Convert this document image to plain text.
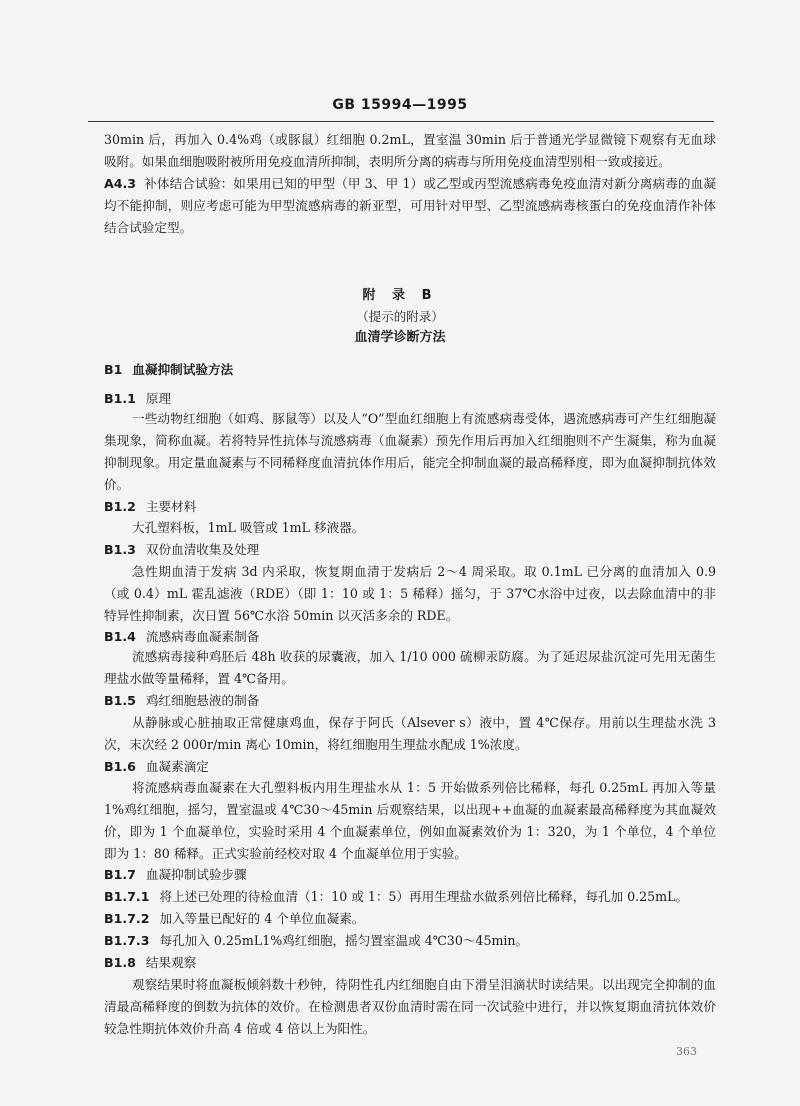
GB 15994—1995

30min 后，再加入 0.4%鸡（或豚鼠）红细胞 0.2mL，置室温 30min 后于普通光学显微镜下观察有无血球吸附。如果血细胞吸附被所用免疫血清所抑制，表明所分离的病毒与所用免疫血清型别相一致或接近。

A4.3 补体结合试验：如果用已知的甲型（甲 3、甲 1）或乙型或丙型流感病毒免疫血清对新分离病毒的血凝均不能抑制，则应考虑可能为甲型流感病毒的新亚型，可用针对甲型、乙型流感病毒核蛋白的免疫血清作补体结合试验定型。

附 录 B

（提示的附录）

血清学诊断方法

B1 血凝抑制试验方法

B1.1 原理

一些动物红细胞（如鸡、豚鼠等）以及人“O”型血红细胞上有流感病毒受体，遇流感病毒可产生红细胞凝集现象，简称血凝。若将特异性抗体与流感病毒（血凝素）预先作用后再加入红细胞则不产生凝集，称为血凝抑制现象。用定量血凝素与不同稀释度血清抗体作用后，能完全抑制血凝的最高稀释度，即为血凝抑制抗体效价。

B1.2 主要材料

大孔塑料板，1mL 吸管或 1mL 移液器。

B1.3 双份血清收集及处理

急性期血清于发病 3d 内采取，恢复期血清于发病后 2～4 周采取。取 0.1mL 已分离的血清加入 0.9（或 0.4）mL 霍乱滤液（RDE）（即 1：10 或 1：5 稀释）摇匀，于 37℃水浴中过夜，以去除血清中的非特异性抑制素，次日置 56℃水浴 50min 以灭活多余的 RDE。

B1.4 流感病毒血凝素制备

流感病毒接种鸡胚后 48h 收获的尿囊液，加入 1/10 000 硫柳汞防腐。为了延迟尿盐沉淀可先用无菌生理盐水做等量稀释，置 4℃备用。

B1.5 鸡红细胞悬液的制备

从静脉或心脏抽取正常健康鸡血，保存于阿氏（Alsever s）液中，置 4℃保存。用前以生理盐水洗 3 次，末次经 2 000r/min 离心 10min，将红细胞用生理盐水配成 1%浓度。

B1.6 血凝素滴定

将流感病毒血凝素在大孔塑料板内用生理盐水从 1：5 开始做系列倍比稀释，每孔 0.25mL 再加入等量 1%鸡红细胞，摇匀，置室温或 4℃30～45min 后观察结果，以出现++血凝的血凝素最高稀释度为其血凝效价，即为 1 个血凝单位，实验时采用 4 个血凝素单位，例如血凝素效价为 1：320，为 1 个单位，4 个单位即为 1：80 稀释。正式实验前经校对取 4 个血凝单位用于实验。

B1.7 血凝抑制试验步骤

B1.7.1 将上述已处理的待检血清（1：10 或 1：5）再用生理盐水做系列倍比稀释，每孔加 0.25mL。

B1.7.2 加入等量已配好的 4 个单位血凝素。

B1.7.3 每孔加入 0.25mL1%鸡红细胞，摇匀置室温或 4℃30～45min。

B1.8 结果观察

观察结果时将血凝板倾斜数十秒钟，待阴性孔内红细胞自由下滑呈泪滴状时读结果。以出现完全抑制的血清最高稀释度的倒数为抗体的效价。在检测患者双份血清时需在同一次试验中进行，并以恢复期血清抗体效价较急性期抗体效价升高 4 倍或 4 倍以上为阳性。

363
